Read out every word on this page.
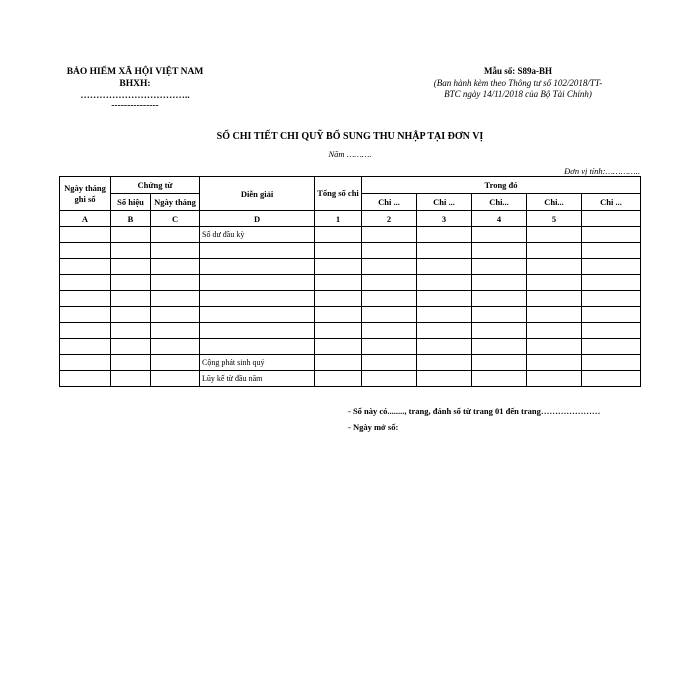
BẢO HIỂM XÃ HỘI VIỆT NAM
BHXH:
……………………………..
---------------
Mẫu số: S89a-BH
(Ban hành kèm theo Thông tư số 102/2018/TT-
BTC ngày 14/11/2018 của Bộ Tài Chính)
SỔ CHI TIẾT CHI QUỸ BỔ SUNG THU NHẬP TẠI ĐƠN VỊ
Năm ……….
Đơn vị tính:…………..
Ngày tháng ghi sổ	Chứng từ		Diễn giải	Tổng số chi	Trong đó				
	Số hiệu	Ngày tháng			Chi ...	Chi ...	Chi...	Chi...	Chi ...
A	B	C	D	1	2	3	4	5	
			Số dư đầu kỳ						

			Cộng phát sinh quý						
			Lũy kế từ đầu năm						
- Sổ này có........, trang, đánh số từ trang 01 đến trang…………………
- Ngày mở sổ:
